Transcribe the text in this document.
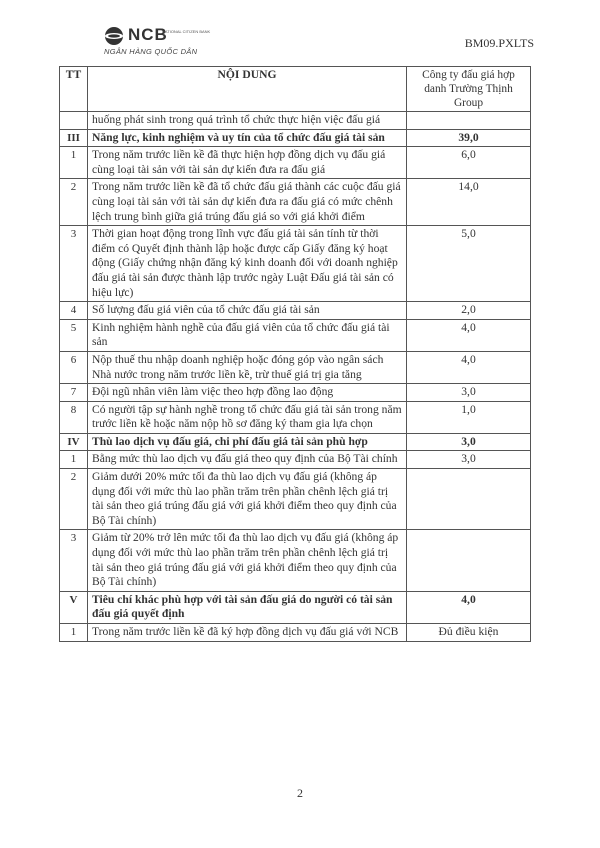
NCB
NATIONAL CITIZEN BANK
NGÂN HÀNG QUỐC DÂN
BM09.PXLTS
TT	NỘI DUNG	Công ty đấu giá hợp danh Trường Thịnh Group
	huống phát sinh trong quá trình tổ chức thực hiện việc đấu giá	
III	Năng lực, kinh nghiệm và uy tín của tổ chức đấu giá tài sản	39,0
1	Trong năm trước liền kề đã thực hiện hợp đồng dịch vụ đấu giá cùng loại tài sản với tài sản dự kiến đưa ra đấu giá	6,0
2	Trong năm trước liền kề đã tổ chức đấu giá thành các cuộc đấu giá cùng loại tài sản với tài sản dự kiến đưa ra đấu giá có mức chênh lệch trung bình giữa giá trúng đấu giá so với giá khởi điểm	14,0
3	Thời gian hoạt động trong lĩnh vực đấu giá tài sản tính từ thời điểm có Quyết định thành lập hoặc được cấp Giấy đăng ký hoạt động (Giấy chứng nhận đăng ký kinh doanh đối với doanh nghiệp đấu giá tài sản được thành lập trước ngày Luật Đấu giá tài sản có hiệu lực)	5,0
4	Số lượng đấu giá viên của tổ chức đấu giá tài sản	2,0
5	Kinh nghiệm hành nghề của đấu giá viên của tổ chức đấu giá tài sản	4,0
6	Nộp thuế thu nhập doanh nghiệp hoặc đóng góp vào ngân sách Nhà nước trong năm trước liền kề, trừ thuế giá trị gia tăng	4,0
7	Đội ngũ nhân viên làm việc theo hợp đồng lao động	3,0
8	Có người tập sự hành nghề trong tổ chức đấu giá tài sản trong năm trước liền kề hoặc năm nộp hồ sơ đăng ký tham gia lựa chọn	1,0
IV	Thù lao dịch vụ đấu giá, chi phí đấu giá tài sản phù hợp	3,0
1	Bằng mức thù lao dịch vụ đấu giá theo quy định của Bộ Tài chính	3,0
2	Giảm dưới 20% mức tối đa thù lao dịch vụ đấu giá (không áp dụng đối với mức thù lao phần trăm trên phần chênh lệch giá trị tài sản theo giá trúng đấu giá với giá khởi điểm theo quy định của Bộ Tài chính)	
3	Giảm từ 20% trở lên mức tối đa thù lao dịch vụ đấu giá (không áp dụng đối với mức thù lao phần trăm trên phần chênh lệch giá trị tài sản theo giá trúng đấu giá với giá khởi điểm theo quy định của Bộ Tài chính)	
V	Tiêu chí khác phù hợp với tài sản đấu giá do người có tài sản đấu giá quyết định	4,0
1	Trong năm trước liền kề đã ký hợp đồng dịch vụ đấu giá với NCB	Đủ điều kiện
2
